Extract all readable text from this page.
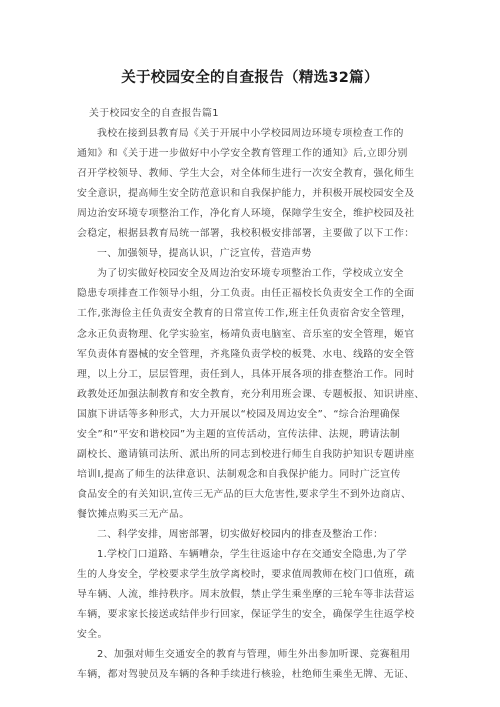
关于校园安全的自查报告（精选32篇）
关于校园安全的自查报告篇1
我校在接到县教育局《关于开展中小学校园周边环境专项检查工作的
通知》和《关于进一步做好中小学安全教育管理工作的通知》后,立即分别
召开学校领导、教师、学生大会，对全体师生进行一次安全教育，强化师生
安全意识，提高师生安全防范意识和自我保护能力，并积极开展校园安全及
周边治安环境专项整治工作，净化育人环境，保障学生安全，维护校园及社
会稳定，根据县教育局统一部署，我校积极安排部署，主要做了以下工作：
一、加强领导，提高认识，广泛宣传，营造声势
为了切实做好校园安全及周边治安环境专项整治工作，学校成立安全
隐患专项排查工作领导小组，分工负责。由任正福校长负责安全工作的全面
工作,张海俭主任负责安全教育的日常宣传工作,班主任负责宿舍安全管理，
念永正负责物理、化学实验室，杨靖负责电脑室、音乐室的安全管理，姬官
军负责体育器械的安全管理，齐兆隆负责学校的板凳、水电、线路的安全管
理，以上分工，层层管理，责任到人，具体开展各项的排查整治工作。同时
政教处还加强法制教育和安全教育，充分利用班会课、专题板报、知识讲座、
国旗下讲话等多种形式，大力开展以“校园及周边安全”、“综合治理确保
安全”和“平安和谐校园”为主题的宣传活动，宣传法律、法规，聘请法制
副校长、邀请镇司法所、派出所的同志到校进行师生自我防护知识专题讲座
培训Ⅰ,提高了师生的法律意识、法制观念和自我保护能力。同时广泛宣传
食品安全的有关知识,宣传三无产品的巨大危害性,要求学生不到外边商店、
餐饮摊点购买三无产品。
二、科学安排，周密部署，切实做好校园内的排查及整治工作：
1.学校门口道路、车辆嘈杂，学生往返途中存在交通安全隐患,为了学
生的人身安全，学校要求学生放学离校时，要求值周教师在校门口值班，疏
导车辆、人流，维持秩序。周末放假，禁止学生乘坐摩的三轮车等非法营运
车辆，要求家长接送或结伴步行回家，保证学生的安全，确保学生往返学校
安全。
2、加强对师生交通安全的教育与管理，师生外出参加听课、竞赛租用
车辆，都对驾驶员及车辆的各种手续进行核验，杜绝师生乘坐无牌、无证、
